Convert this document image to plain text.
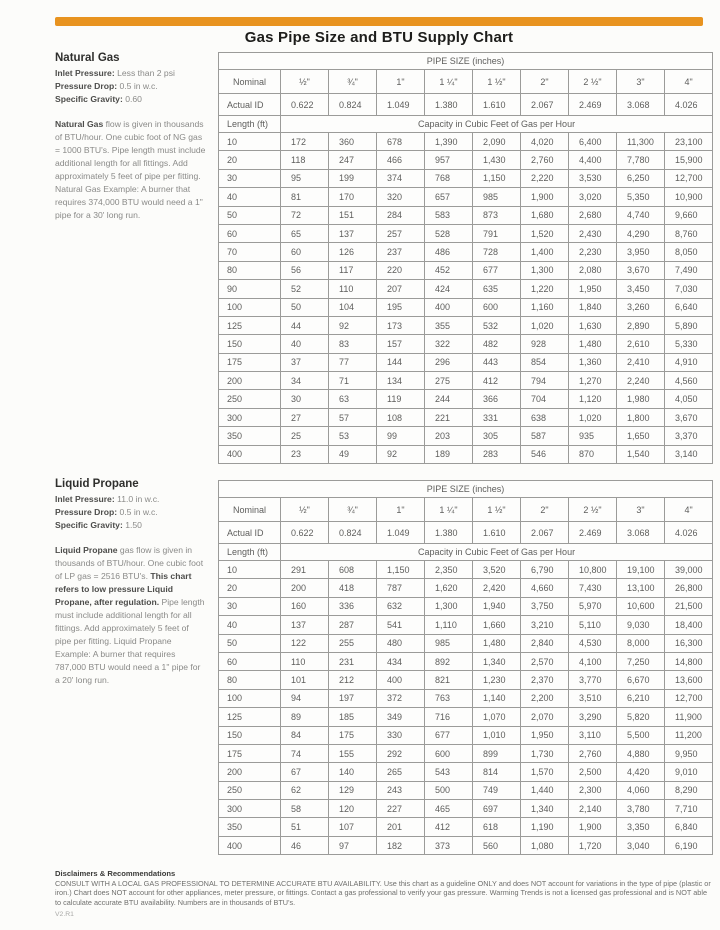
Gas Pipe Size and BTU Supply Chart
Natural Gas
Inlet Pressure: Less than 2 psi
Pressure Drop: 0.5 in w.c.
Specific Gravity: 0.60
Natural Gas flow is given in thousands of BTU/hour. One cubic foot of NG gas = 1000 BTU's. Pipe length must include additional length for all fittings. Add approximately 5 feet of pipe per fitting. Natural Gas Example: A burner that requires 374,000 BTU would need a 1" pipe for a 30' long run.
Liquid Propane
Inlet Pressure: 11.0 in w.c.
Pressure Drop: 0.5 in w.c.
Specific Gravity: 1.50
Liquid Propane gas flow is given in thousands of BTU/hour. One cubic foot of LP gas = 2516 BTU's. This chart refers to low pressure Liquid Propane, after regulation. Pipe length must include additional length for all fittings. Add approximately 5 feet of pipe per fitting. Liquid Propane Example: A burner that requires 787,000 BTU would need a 1" pipe for a 20' long run.
PIPE SIZE (inches)									
Nominal	½"	¾"	1"	1 ¼"	1 ½"	2"	2 ½"	3"	4"
Actual ID	0.622	0.824	1.049	1.380	1.610	2.067	2.469	3.068	4.026
Length (ft)	Capacity in Cubic Feet of Gas per Hour								
10	172	360	678	1,390	2,090	4,020	6,400	11,300	23,100
20	118	247	466	957	1,430	2,760	4,400	7,780	15,900
30	95	199	374	768	1,150	2,220	3,530	6,250	12,700
40	81	170	320	657	985	1,900	3,020	5,350	10,900
50	72	151	284	583	873	1,680	2,680	4,740	9,660
60	65	137	257	528	791	1,520	2,430	4,290	8,760
70	60	126	237	486	728	1,400	2,230	3,950	8,050
80	56	117	220	452	677	1,300	2,080	3,670	7,490
90	52	110	207	424	635	1,220	1,950	3,450	7,030
100	50	104	195	400	600	1,160	1,840	3,260	6,640
125	44	92	173	355	532	1,020	1,630	2,890	5,890
150	40	83	157	322	482	928	1,480	2,610	5,330
175	37	77	144	296	443	854	1,360	2,410	4,910
200	34	71	134	275	412	794	1,270	2,240	4,560
250	30	63	119	244	366	704	1,120	1,980	4,050
300	27	57	108	221	331	638	1,020	1,800	3,670
350	25	53	99	203	305	587	935	1,650	3,370
400	23	49	92	189	283	546	870	1,540	3,140
PIPE SIZE (inches)									
Nominal	½"	¾"	1"	1 ¼"	1 ½"	2"	2 ½"	3"	4"
Actual ID	0.622	0.824	1.049	1.380	1.610	2.067	2.469	3.068	4.026
Length (ft)	Capacity in Cubic Feet of Gas per Hour								
10	291	608	1,150	2,350	3,520	6,790	10,800	19,100	39,000
20	200	418	787	1,620	2,420	4,660	7,430	13,100	26,800
30	160	336	632	1,300	1,940	3,750	5,970	10,600	21,500
40	137	287	541	1,110	1,660	3,210	5,110	9,030	18,400
50	122	255	480	985	1,480	2,840	4,530	8,000	16,300
60	110	231	434	892	1,340	2,570	4,100	7,250	14,800
80	101	212	400	821	1,230	2,370	3,770	6,670	13,600
100	94	197	372	763	1,140	2,200	3,510	6,210	12,700
125	89	185	349	716	1,070	2,070	3,290	5,820	11,900
150	84	175	330	677	1,010	1,950	3,110	5,500	11,200
175	74	155	292	600	899	1,730	2,760	4,880	9,950
200	67	140	265	543	814	1,570	2,500	4,420	9,010
250	62	129	243	500	749	1,440	2,300	4,060	8,290
300	58	120	227	465	697	1,340	2,140	3,780	7,710
350	51	107	201	412	618	1,190	1,900	3,350	6,840
400	46	97	182	373	560	1,080	1,720	3,040	6,190
Disclaimers & Recommendations
CONSULT WITH A LOCAL GAS PROFESSIONAL TO DETERMINE ACCURATE BTU AVAILABILITY. Use this chart as a guideline ONLY and does NOT account for variations in the type of pipe (plastic or iron.) Chart does NOT account for other appliances, meter pressure, or fittings. Contact a gas professional to verify your gas pressure. Warming Trends is not a licensed gas professional and is NOT able to calculate accurate BTU availability. Numbers are in thousands of BTU's.
V2.R1
